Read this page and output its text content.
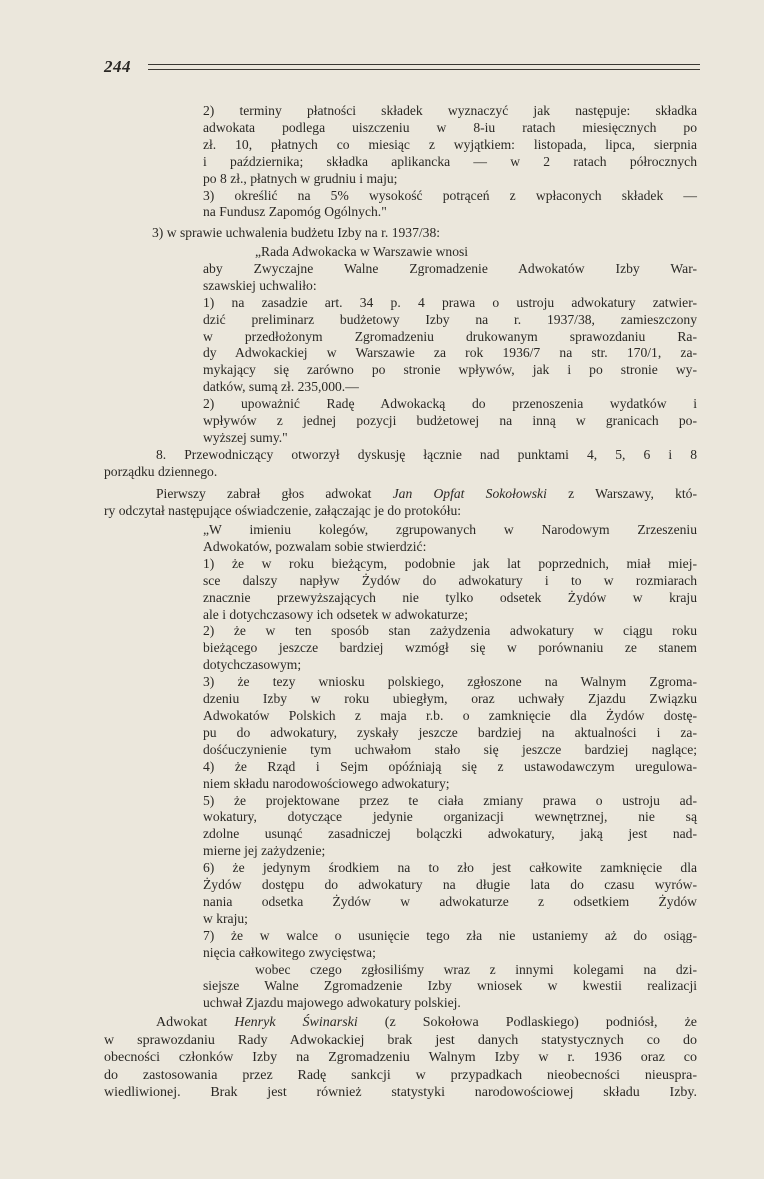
244
2) terminy płatności składek wyznaczyć jak następuje: składka
adwokata podlega uiszczeniu w 8-iu ratach miesięcznych po
zł. 10, płatnych co miesiąc z wyjątkiem: listopada, lipca, sierpnia
i października; składka aplikancka — w 2 ratach półrocznych
po 8 zł., płatnych w grudniu i maju;
3) określić na 5% wysokość potrąceń z wpłaconych składek —
na Fundusz Zapomóg Ogólnych."
3) w sprawie uchwalenia budżetu Izby na r. 1937/38:
„Rada Adwokacka w Warszawie wnosi
aby Zwyczajne Walne Zgromadzenie Adwokatów Izby War-
szawskiej uchwaliło:
1) na zasadzie art. 34 p. 4 prawa o ustroju adwokatury zatwier-
dzić preliminarz budżetowy Izby na r. 1937/38, zamieszczony
w przedłożonym Zgromadzeniu drukowanym sprawozdaniu Ra-
dy Adwokackiej w Warszawie za rok 1936/7 na str. 170/1, za-
mykający się zarówno po stronie wpływów, jak i po stronie wy-
datków, sumą zł. 235,000.—
2) upoważnić Radę Adwokacką do przenoszenia wydatków i
wpływów z jednej pozycji budżetowej na inną w granicach po-
wyższej sumy."
8. Przewodniczący otworzył dyskusję łącznie nad punktami 4, 5, 6 i 8
porządku dziennego.
Pierwszy zabrał głos adwokat Jan Opfat Sokołowski z Warszawy, któ-
ry odczytał następujące oświadczenie, załączając je do protokółu:
„W imieniu kolegów, zgrupowanych w Narodowym Zrzeszeniu
Adwokatów, pozwalam sobie stwierdzić:
1) że w roku bieżącym, podobnie jak lat poprzednich, miał miej-
sce dalszy napływ Żydów do adwokatury i to w rozmiarach
znacznie przewyższających nie tylko odsetek Żydów w kraju
ale i dotychczasowy ich odsetek w adwokaturze;
2) że w ten sposób stan zażydzenia adwokatury w ciągu roku
bieżącego jeszcze bardziej wzmógł się w porównaniu ze stanem
dotychczasowym;
3) że tezy wniosku polskiego, zgłoszone na Walnym Zgroma-
dzeniu Izby w roku ubiegłym, oraz uchwały Zjazdu Związku
Adwokatów Polskich z maja r.b. o zamknięcie dla Żydów dostę-
pu do adwokatury, zyskały jeszcze bardziej na aktualności i za-
dośćuczynienie tym uchwałom stało się jeszcze bardziej naglące;
4) że Rząd i Sejm opóźniają się z ustawodawczym uregulowa-
niem składu narodowościowego adwokatury;
5) że projektowane przez te ciała zmiany prawa o ustroju ad-
wokatury, dotyczące jedynie organizacji wewnętrznej, nie są
zdolne usunąć zasadniczej bolączki adwokatury, jaką jest nad-
mierne jej zażydzenie;
6) że jedynym środkiem na to zło jest całkowite zamknięcie dla
Żydów dostępu do adwokatury na długie lata do czasu wyrów-
nania odsetka Żydów w adwokaturze z odsetkiem Żydów
w kraju;
7) że w walce o usunięcie tego zła nie ustaniemy aż do osiąg-
nięcia całkowitego zwycięstwa;
wobec czego zgłosiliśmy wraz z innymi kolegami na dzi-
siejsze Walne Zgromadzenie Izby wniosek w kwestii realizacji
uchwał Zjazdu majowego adwokatury polskiej.
Adwokat Henryk Świnarski (z Sokołowa Podlaskiego) podniósł, że
w sprawozdaniu Rady Adwokackiej brak jest danych statystycznych co do
obecności członków Izby na Zgromadzeniu Walnym Izby w r. 1936 oraz co
do zastosowania przez Radę sankcji w przypadkach nieobecności nieuspra-
wiedliwionej. Brak jest również statystyki narodowościowej składu Izby.
